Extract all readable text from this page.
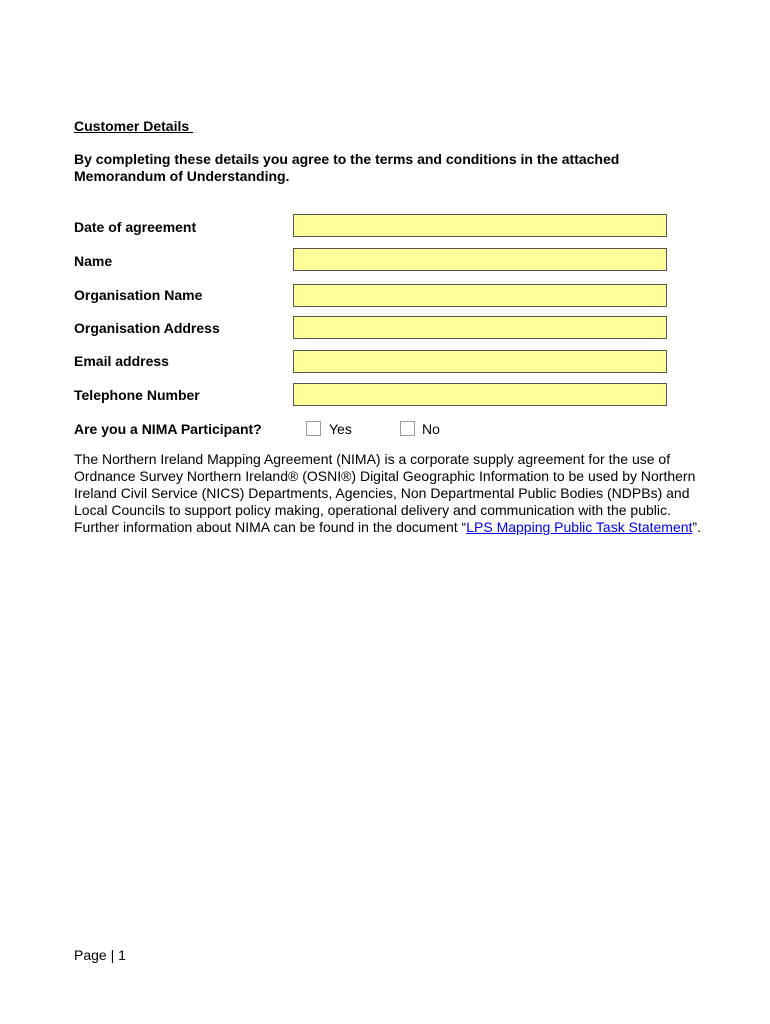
Customer Details
By completing these details you agree to the terms and conditions in the attached Memorandum of Understanding.
Date of agreement
Name
Organisation Name
Organisation Address
Email address
Telephone Number
Are you a NIMA Participant?	Yes	No
The Northern Ireland Mapping Agreement (NIMA) is a corporate supply agreement for the use of Ordnance Survey Northern Ireland® (OSNI®) Digital Geographic Information to be used by Northern Ireland Civil Service (NICS) Departments, Agencies, Non Departmental Public Bodies (NDPBs) and Local Councils to support policy making, operational delivery and communication with the public. Further information about NIMA can be found in the document “LPS Mapping Public Task Statement”.
Page | 1
